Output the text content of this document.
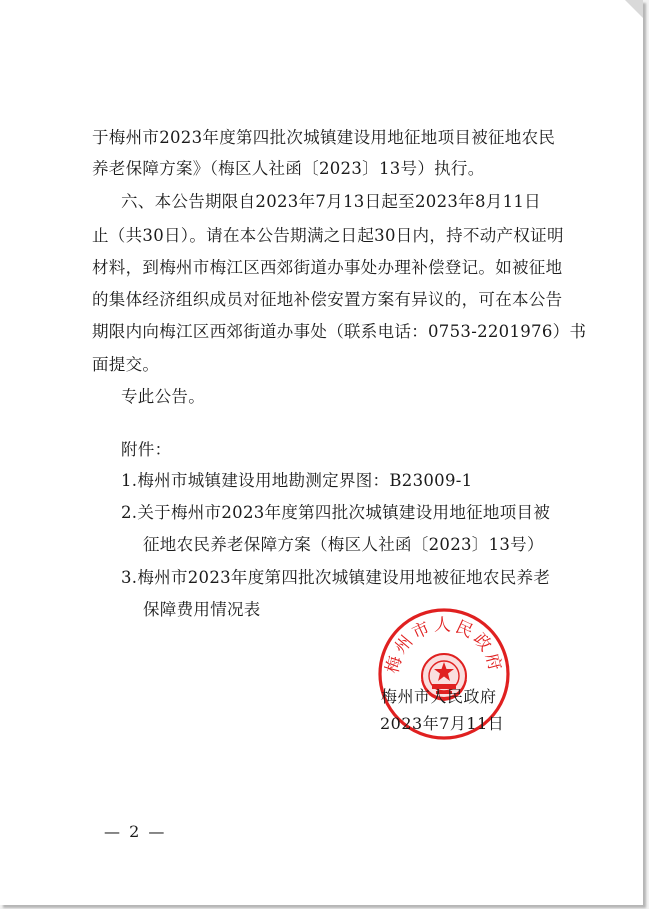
于梅州市2023年度第四批次城镇建设用地征地项目被征地农民
养老保障方案》（梅区人社函〔2023〕13号）执行。
六、本公告期限自2023年7月13日起至2023年8月11日
止（共30日）。请在本公告期满之日起30日内，持不动产权证明
材料，到梅州市梅江区西郊街道办事处办理补偿登记。如被征地
的集体经济组织成员对征地补偿安置方案有异议的，可在本公告
期限内向梅江区西郊街道办事处（联系电话：0753-2201976）书
面提交。
专此公告。
附件：
1.梅州市城镇建设用地勘测定界图：B23009-1
2.关于梅州市2023年度第四批次城镇建设用地征地项目被
征地农民养老保障方案（梅区人社函〔2023〕13号）
3.梅州市2023年度第四批次城镇建设用地被征地农民养老
保障费用情况表
梅州市人民政府
梅州市人民政府
2023年7月11日
— 2 —
